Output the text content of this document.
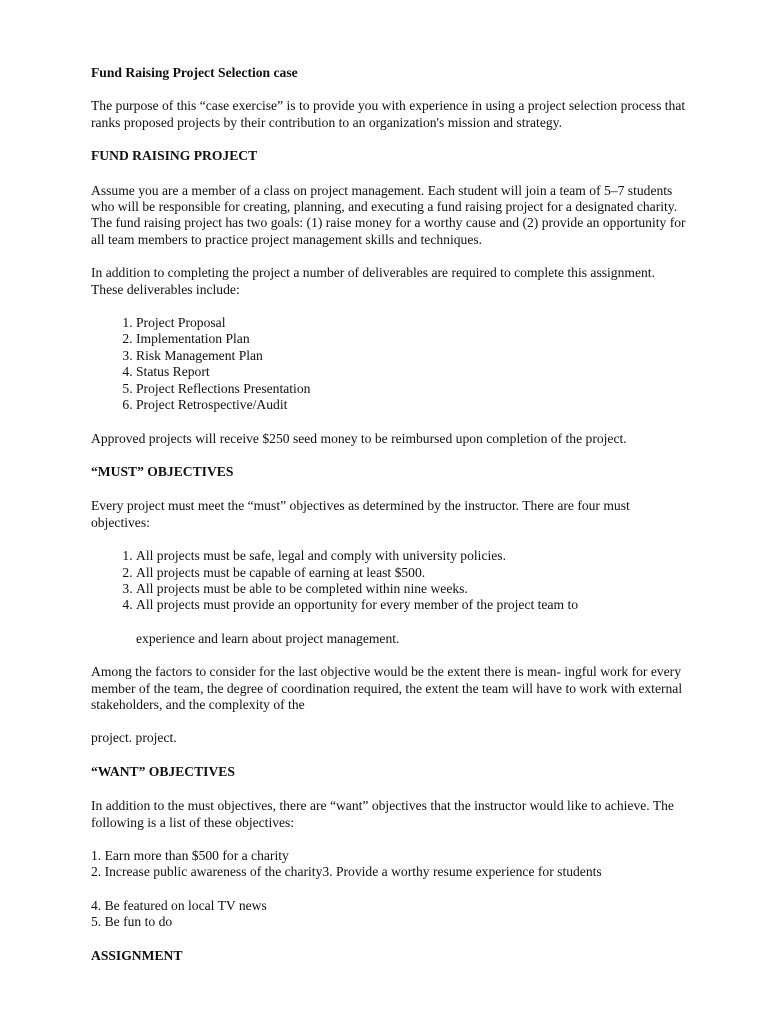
Fund Raising Project Selection case

The purpose of this “case exercise” is to provide you with experience in using a project selection process that ranks proposed projects by their contribution to an organization's mission and strategy.

FUND RAISING PROJECT

Assume you are a member of a class on project management. Each student will join a team of 5–7 students who will be responsible for creating, planning, and executing a fund raising project for a designated charity. The fund raising project has two goals: (1) raise money for a worthy cause and (2) provide an opportunity for all team members to practice project management skills and techniques.

In addition to completing the project a number of deliverables are required to complete this assignment. These deliverables include:

1. Project Proposal
2. Implementation Plan
3. Risk Management Plan
4. Status Report
5. Project Reflections Presentation
6. Project Retrospective/Audit

Approved projects will receive $250 seed money to be reimbursed upon completion of the project.

“MUST” OBJECTIVES

Every project must meet the “must” objectives as determined by the instructor. There are four must objectives:

1. All projects must be safe, legal and comply with university policies.
2. All projects must be capable of earning at least $500.
3. All projects must be able to be completed within nine weeks.
4. All projects must provide an opportunity for every member of the project team to

experience and learn about project management.

Among the factors to consider for the last objective would be the extent there is mean- ingful work for every member of the team, the degree of coordination required, the extent the team will have to work with external stakeholders, and the complexity of the

project. project.

“WANT” OBJECTIVES

In addition to the must objectives, there are “want” objectives that the instructor would like to achieve. The following is a list of these objectives:

1. Earn more than $500 for a charity

2. Increase public awareness of the charity3. Provide a worthy resume experience for students

4. Be featured on local TV news

5. Be fun to do

ASSIGNMENT
